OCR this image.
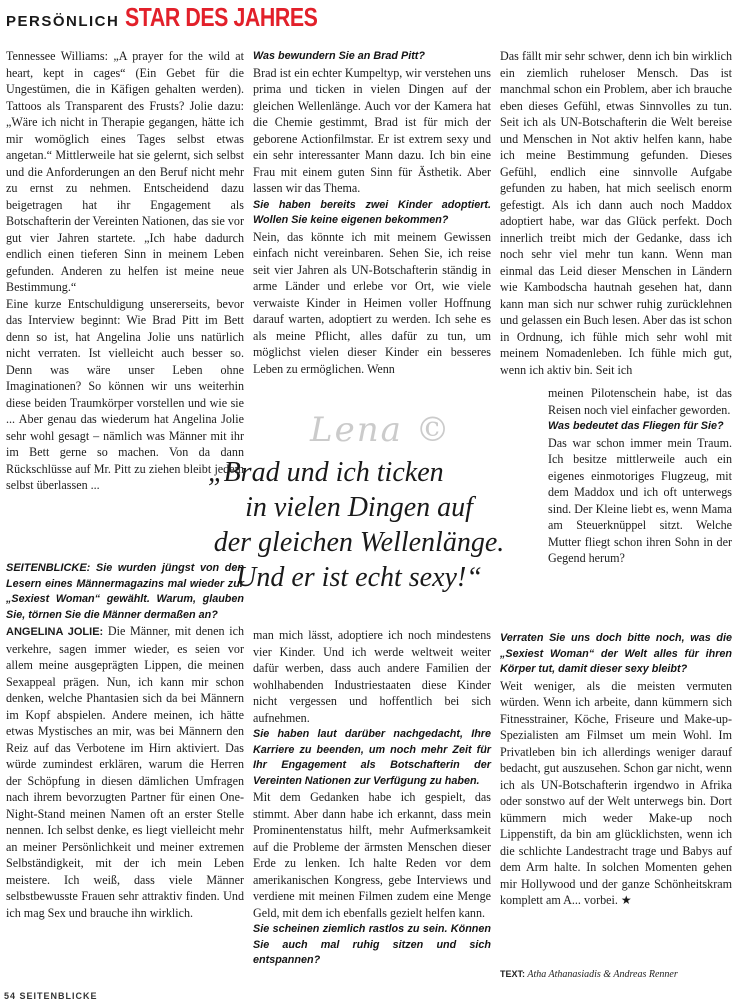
PERSÖNLICH STAR DES JAHRES

Tennessee Williams: „A prayer for the wild at heart, kept in cages“ (Ein Gebet für die Ungestümen, die in Käfigen gehalten werden). Tattoos als Transparent des Frusts? Jolie dazu: „Wäre ich nicht in Therapie gegangen, hätte ich mir womöglich eines Tages selbst etwas angetan.“ Mittlerweile hat sie gelernt, sich selbst und die Anforderungen an den Beruf nicht mehr zu ernst zu nehmen. Entscheidend dazu beigetragen hat ihr Engagement als Botschafterin der Vereinten Nationen, das sie vor gut vier Jahren startete. „Ich habe dadurch endlich einen tieferen Sinn in meinem Leben gefunden. Anderen zu helfen ist meine neue Bestimmung.“

Eine kurze Entschuldigung unsererseits, bevor das Interview beginnt: Wie Brad Pitt im Bett denn so ist, hat Angelina Jolie uns natürlich nicht verraten. Ist vielleicht auch besser so. Denn was wäre unser Leben ohne Imaginationen? So können wir uns weiterhin diese beiden Traumkörper vorstellen und wie sie ... Aber genau das wiederum hat Angelina Jolie sehr wohl gesagt – nämlich was Männer mit ihr im Bett gerne so machen. Von da dann Rückschlüsse auf Mr. Pitt zu ziehen bleibt jedem selbst überlassen ...

SEITENBLICKE: Sie wurden jüngst von den Lesern eines Männermagazins mal wieder zur „Sexiest Woman“ gewählt. Warum, glauben Sie, törnen Sie die Männer dermaßen an?

ANGELINA JOLIE: Die Männer, mit denen ich verkehre, sagen immer wieder, es seien vor allem meine ausgeprägten Lippen, die meinen Sexappeal prägen. Nun, ich kann mir schon denken, welche Phantasien sich da bei Männern im Kopf abspielen. Andere meinen, ich hätte etwas Mystisches an mir, was bei Männern den Reiz auf das Verbotene im Hirn aktiviert. Das würde zumindest erklären, warum die Herren der Schöpfung in diesen dämlichen Umfragen nach ihrem bevorzugten Partner für einen One-Night-Stand meinen Namen oft an erster Stelle nennen. Ich selbst denke, es liegt vielleicht mehr an meiner Persönlichkeit und meiner extremen Selbständigkeit, mit der ich mein Leben meistere. Ich weiß, dass viele Männer selbstbewusste Frauen sehr attraktiv finden. Und ich mag Sex und brauche ihn wirklich.

Was bewundern Sie an Brad Pitt?

Brad ist ein echter Kumpeltyp, wir verstehen uns prima und ticken in vielen Dingen auf der gleichen Wellenlänge. Auch vor der Kamera hat die Chemie gestimmt, Brad ist für mich der geborene Actionfilmstar. Er ist extrem sexy und ein sehr interessanter Mann dazu. Ich bin eine Frau mit einem guten Sinn für Ästhetik. Aber lassen wir das Thema.

Sie haben bereits zwei Kinder adoptiert. Wollen Sie keine eigenen bekommen?

Nein, das könnte ich mit meinem Gewissen einfach nicht vereinbaren. Sehen Sie, ich reise seit vier Jahren als UN-Botschafterin ständig in arme Länder und erlebe vor Ort, wie viele verwaiste Kinder in Heimen voller Hoffnung darauf warten, adoptiert zu werden. Ich sehe es als meine Pflicht, alles dafür zu tun, um möglichst vielen dieser Kinder ein besseres Leben zu ermöglichen. Wenn

man mich lässt, adoptiere ich noch mindestens vier Kinder. Und ich werde weltweit weiter dafür werben, dass auch andere Familien der wohlhabenden Industriestaaten diese Kinder nicht vergessen und hoffentlich bei sich aufnehmen.

Sie haben laut darüber nachgedacht, Ihre Karriere zu beenden, um noch mehr Zeit für Ihr Engagement als Botschafterin der Vereinten Nationen zur Verfügung zu haben.

Mit dem Gedanken habe ich gespielt, das stimmt. Aber dann habe ich erkannt, dass mein Prominentenstatus hilft, mehr Aufmerksamkeit auf die Probleme der ärmsten Menschen dieser Erde zu lenken. Ich halte Reden vor dem amerikanischen Kongress, gebe Interviews und verdiene mit meinen Filmen zudem eine Menge Geld, mit dem ich ebenfalls gezielt helfen kann.

Sie scheinen ziemlich rastlos zu sein. Können Sie auch mal ruhig sitzen und sich entspannen?

Das fällt mir sehr schwer, denn ich bin wirklich ein ziemlich ruheloser Mensch. Das ist manchmal schon ein Problem, aber ich brauche eben dieses Gefühl, etwas Sinnvolles zu tun. Seit ich als UN-Botschafterin die Welt bereise und Menschen in Not aktiv helfen kann, habe ich meine Bestimmung gefunden. Dieses Gefühl, endlich eine sinnvolle Aufgabe gefunden zu haben, hat mich seelisch enorm gefestigt. Als ich dann auch noch Maddox adoptiert habe, war das Glück perfekt. Doch innerlich treibt mich der Gedanke, dass ich noch sehr viel mehr tun kann. Wenn man einmal das Leid dieser Menschen in Ländern wie Kambodscha hautnah gesehen hat, dann kann man sich nur schwer ruhig zurücklehnen und gelassen ein Buch lesen. Aber das ist schon in Ordnung, ich fühle mich sehr wohl mit meinem Nomadenleben. Ich fühle mich gut, wenn ich aktiv bin. Seit ich

meinen Pilotenschein habe, ist das Reisen noch viel einfacher geworden.

Was bedeutet das Fliegen für Sie?

Das war schon immer mein Traum. Ich besitze mittlerweile auch ein eigenes einmotoriges Flugzeug, mit dem Maddox und ich oft unterwegs sind. Der Kleine liebt es, wenn Mama am Steuerknüppel sitzt. Welche Mutter fliegt schon ihren Sohn in der Gegend herum?

Verraten Sie uns doch bitte noch, was die „Sexiest Woman“ der Welt alles für ihren Körper tut, damit dieser sexy bleibt?

Weit weniger, als die meisten vermuten würden. Wenn ich arbeite, dann kümmern sich Fitnesstrainer, Köche, Friseure und Make-up-Spezialisten am Filmset um mein Wohl. Im Privatleben bin ich allerdings weniger darauf bedacht, gut auszusehen. Schon gar nicht, wenn ich als UN-Botschafterin irgendwo in Afrika oder sonstwo auf der Welt unterwegs bin. Dort kümmern mich weder Make-up noch Lippenstift, da bin am glücklichsten, wenn ich die schlichte Landestracht trage und Babys auf dem Arm halte. In solchen Momenten gehen mir Hollywood und der ganze Schönheitskram komplett am A... vorbei. ★

Lena ©
„Brad und ich ticken
in vielen Dingen auf
der gleichen Wellenlänge.
Und er ist echt sexy!“
TEXT: Atha Athanasiadis & Andreas Renner
54 SEITENBLICKE
